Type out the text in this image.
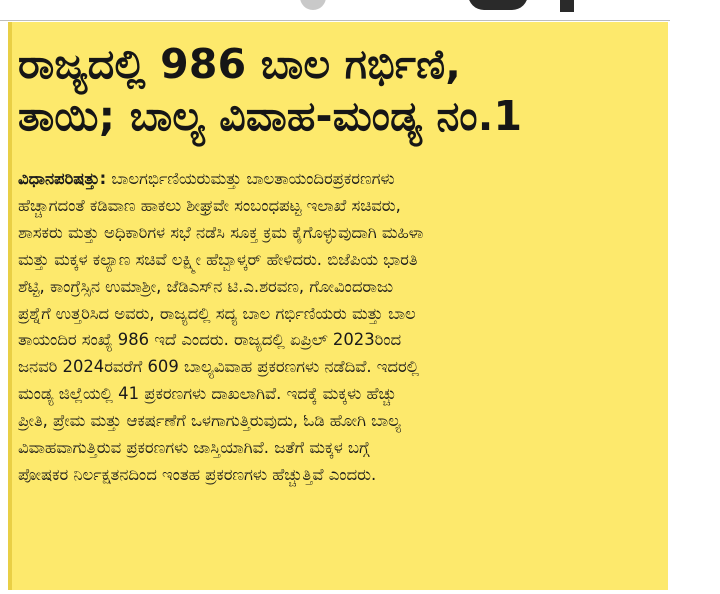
ರಾಜ್ಯದಲ್ಲಿ 986 ಬಾಲ ಗರ್ಭಿಣಿ,
ತಾಯಿ; ಬಾಲ್ಯ ವಿವಾಹ-ಮಂಡ್ಯ ನಂ.1
ವಿಧಾನಪರಿಷತ್ತು: ಬಾಲಗರ್ಭಿಣಿಯರುಮತ್ತು ಬಾಲತಾಯಂದಿರಪ್ರಕರಣಗಳು
ಹೆಚ್ಚಾಗದಂತೆ ಕಡಿವಾಣ ಹಾಕಲು ಶೀಘ್ರವೇ ಸಂಬಂಧಪಟ್ಟ ಇಲಾಖೆ ಸಚಿವರು,
ಶಾಸಕರು ಮತ್ತು ಅಧಿಕಾರಿಗಳ ಸಭೆ ನಡೆಸಿ ಸೂಕ್ತ ಕ್ರಮ ಕೈಗೊಳ್ಳುವುದಾಗಿ ಮಹಿಳಾ
ಮತ್ತು ಮಕ್ಕಳ ಕಲ್ಯಾಣ ಸಚಿವೆ ಲಕ್ಷ್ಮೀ ಹೆಬ್ಬಾಳ್ಕರ್ ಹೇಳಿದರು. ಬಿಜೆಪಿಯ ಭಾರತಿ
ಶೆಟ್ಟಿ, ಕಾಂಗ್ರೆಸ್ಸಿನ ಉಮಾಶ್ರೀ, ಜೆಡಿಎಸ್‌ನ ಟಿ.ಎ.ಶರವಣ, ಗೋವಿಂದರಾಜು
ಪ್ರಶ್ನೆಗೆ ಉತ್ತರಿಸಿದ ಅವರು, ರಾಜ್ಯದಲ್ಲಿ ಸದ್ಯ ಬಾಲ ಗರ್ಭಿಣಿಯರು ಮತ್ತು ಬಾಲ
ತಾಯಂದಿರ ಸಂಖ್ಯೆ 986 ಇದೆ ಎಂದರು. ರಾಜ್ಯದಲ್ಲಿ ಏಪ್ರಿಲ್ 2023ರಿಂದ
ಜನವರಿ 2024ರವರೆಗೆ 609 ಬಾಲ್ಯವಿವಾಹ ಪ್ರಕರಣಗಳು ನಡೆದಿವೆ. ಇದರಲ್ಲಿ
ಮಂಡ್ಯ ಜಿಲ್ಲೆಯಲ್ಲಿ 41 ಪ್ರಕರಣಗಳು ದಾಖಲಾಗಿವೆ. ಇದಕ್ಕೆ ಮಕ್ಕಳು ಹೆಚ್ಚು
ಪ್ರೀತಿ, ಪ್ರೇಮ ಮತ್ತು ಆಕರ್ಷಣೆಗೆ ಒಳಗಾಗುತ್ತಿರುವುದು, ಓಡಿ ಹೋಗಿ ಬಾಲ್ಯ
ವಿವಾಹವಾಗುತ್ತಿರುವ ಪ್ರಕರಣಗಳು ಜಾಸ್ತಿಯಾಗಿವೆ. ಜತೆಗೆ ಮಕ್ಕಳ ಬಗ್ಗೆ
ಪೋಷಕರ ನಿರ್ಲಕ್ಷತನದಿಂದ ಇಂತಹ ಪ್ರಕರಣಗಳು ಹೆಚ್ಚುತ್ತಿವೆ ಎಂದರು.
